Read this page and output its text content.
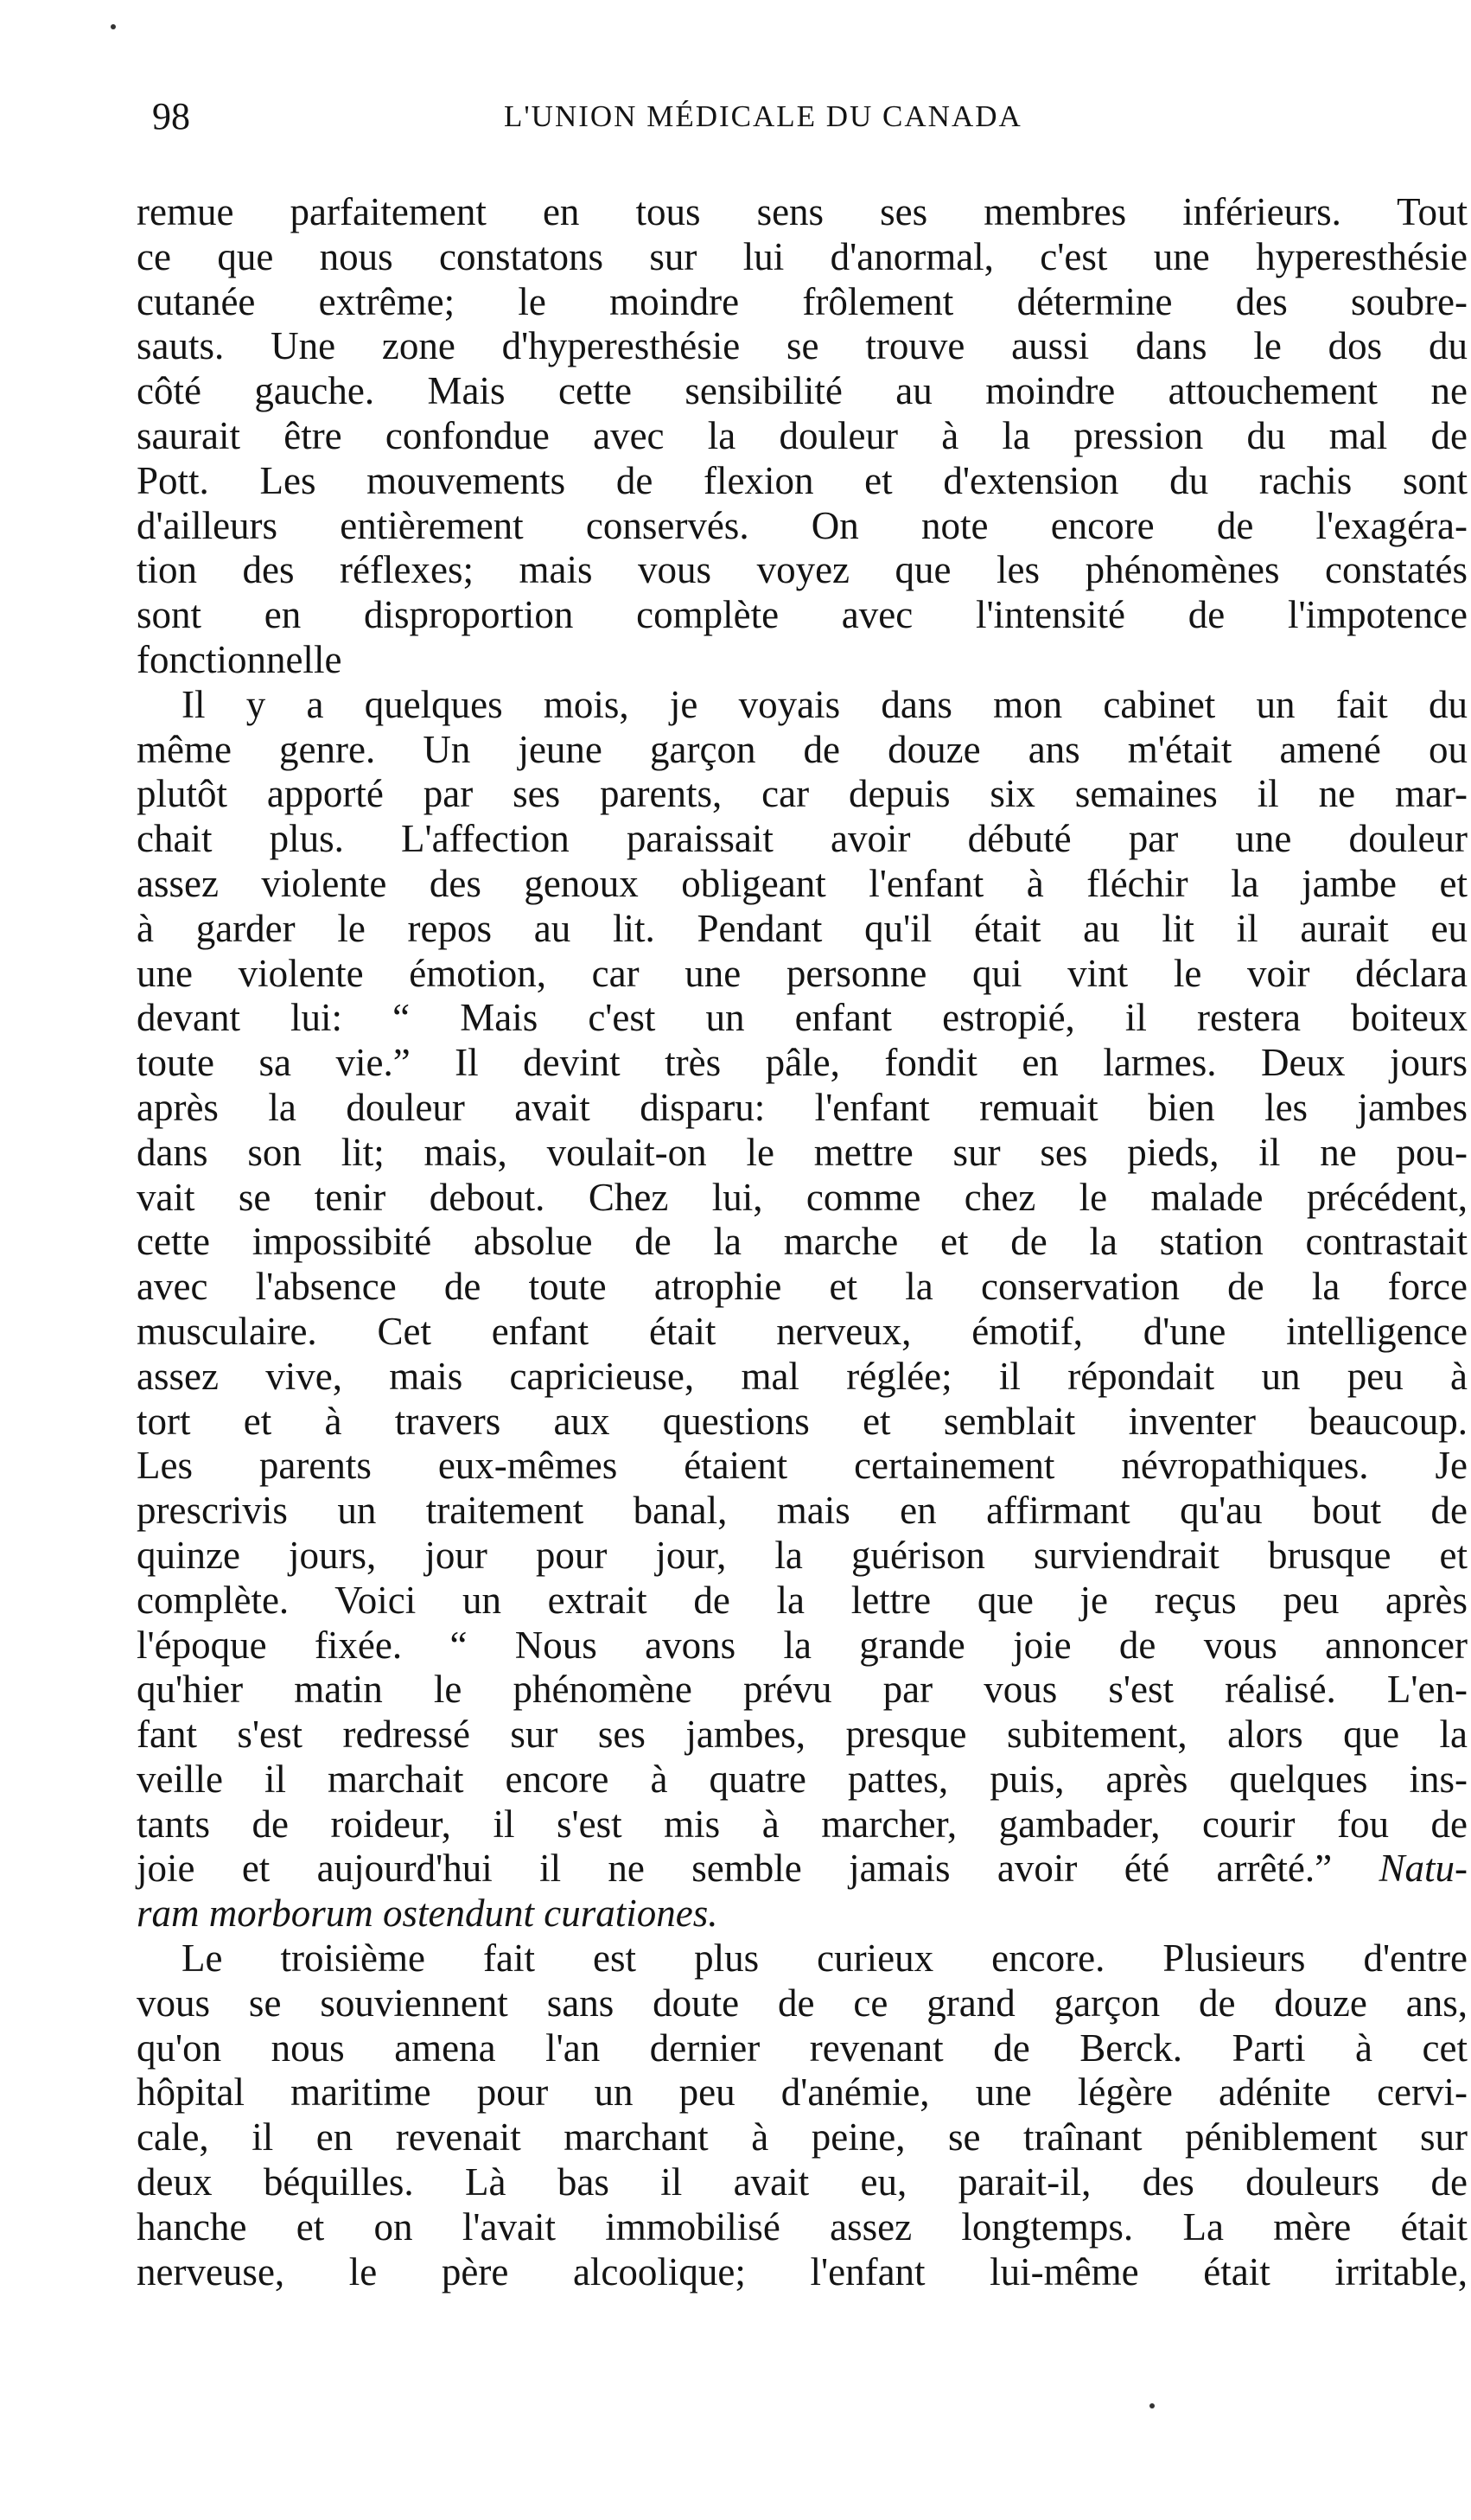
98	L'UNION MÉDICALE DU CANADA
remue parfaitement en tous sens ses membres inférieurs. Tout
ce que nous constatons sur lui d'anormal, c'est une hyperesthésie
cutanée extrême; le moindre frôlement détermine des soubre-
sauts. Une zone d'hyperesthésie se trouve aussi dans le dos du
côté gauche. Mais cette sensibilité au moindre attouchement ne
saurait être confondue avec la douleur à la pression du mal de
Pott. Les mouvements de flexion et d'extension du rachis sont
d'ailleurs entièrement conservés. On note encore de l'exagéra-
tion des réflexes; mais vous voyez que les phénomènes constatés
sont en disproportion complète avec l'intensité de l'impotence
fonctionnelle
Il y a quelques mois, je voyais dans mon cabinet un fait du
même genre. Un jeune garçon de douze ans m'était amené ou
plutôt apporté par ses parents, car depuis six semaines il ne mar-
chait plus. L'affection paraissait avoir débuté par une douleur
assez violente des genoux obligeant l'enfant à fléchir la jambe et
à garder le repos au lit. Pendant qu'il était au lit il aurait eu
une violente émotion, car une personne qui vint le voir déclara
devant lui: “ Mais c'est un enfant estropié, il restera boiteux
toute sa vie.” Il devint très pâle, fondit en larmes. Deux jours
après la douleur avait disparu: l'enfant remuait bien les jambes
dans son lit; mais, voulait-on le mettre sur ses pieds, il ne pou-
vait se tenir debout. Chez lui, comme chez le malade précédent,
cette impossibité absolue de la marche et de la station contrastait
avec l'absence de toute atrophie et la conservation de la force
musculaire. Cet enfant était nerveux, émotif, d'une intelligence
assez vive, mais capricieuse, mal réglée; il répondait un peu à
tort et à travers aux questions et semblait inventer beaucoup.
Les parents eux-mêmes étaient certainement névropathiques. Je
prescrivis un traitement banal, mais en affirmant qu'au bout de
quinze jours, jour pour jour, la guérison surviendrait brusque et
complète. Voici un extrait de la lettre que je reçus peu après
l'époque fixée. “ Nous avons la grande joie de vous annoncer
qu'hier matin le phénomène prévu par vous s'est réalisé. L'en-
fant s'est redressé sur ses jambes, presque subitement, alors que la
veille il marchait encore à quatre pattes, puis, après quelques ins-
tants de roideur, il s'est mis à marcher, gambader, courir fou de
joie et aujourd'hui il ne semble jamais avoir été arrêté.” Natu-
ram morborum ostendunt curationes.
Le troisième fait est plus curieux encore. Plusieurs d'entre
vous se souviennent sans doute de ce grand garçon de douze ans,
qu'on nous amena l'an dernier revenant de Berck. Parti à cet
hôpital maritime pour un peu d'anémie, une légère adénite cervi-
cale, il en revenait marchant à peine, se traînant péniblement sur
deux béquilles. Là bas il avait eu, parait-il, des douleurs de
hanche et on l'avait immobilisé assez longtemps. La mère était
nerveuse, le père alcoolique; l'enfant lui-même était irritable,
